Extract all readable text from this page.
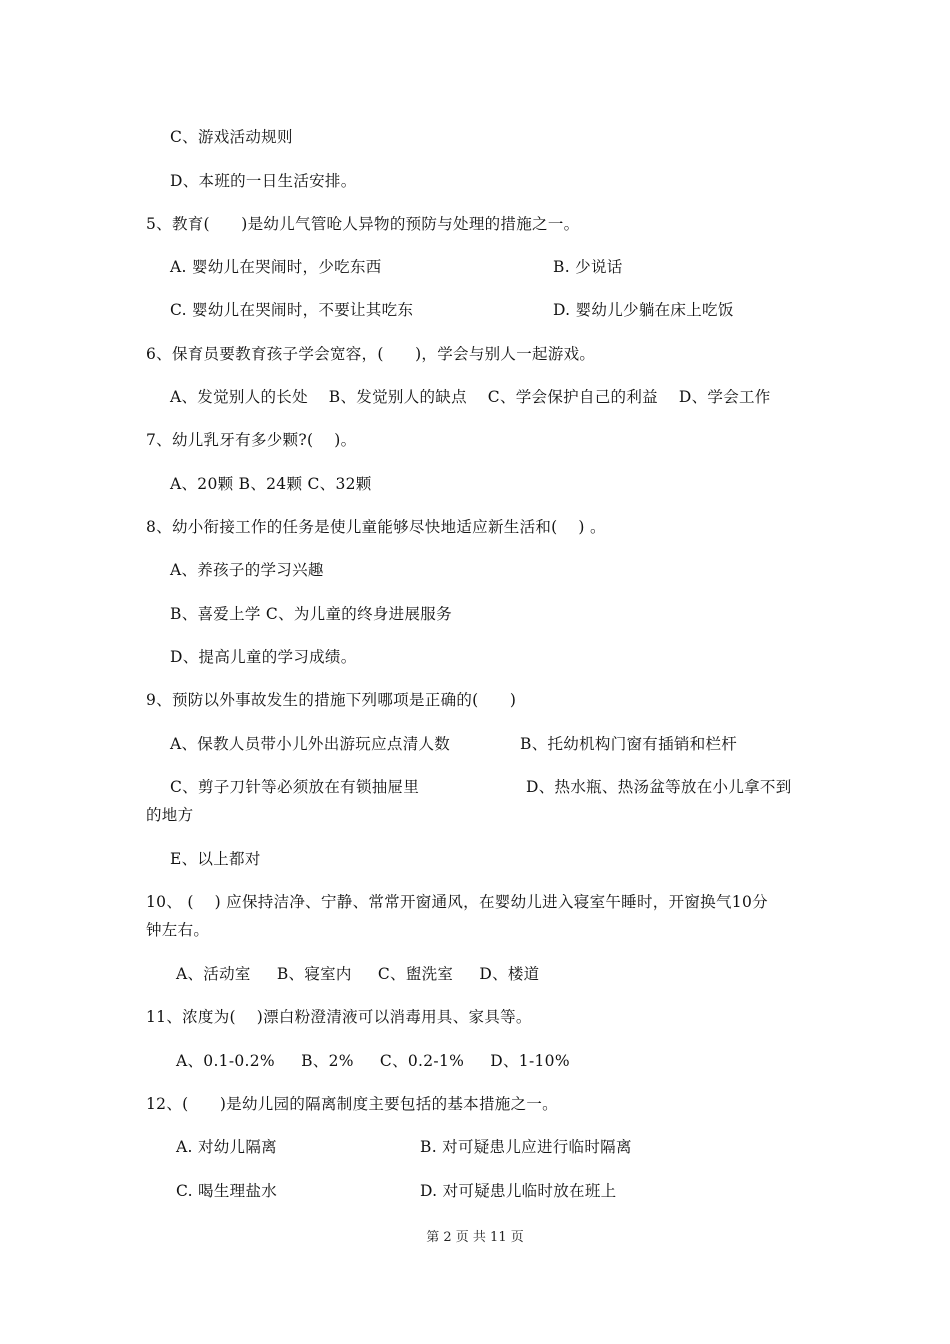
C、游戏活动规则
D、本班的一日生活安排。
5、教育(      )是幼儿气管呛人异物的预防与处理的措施之一。
A. 婴幼儿在哭闹时，少吃东西	B. 少说话
C. 婴幼儿在哭闹时，不要让其吃东	D. 婴幼儿少躺在床上吃饭
6、保育员要教育孩子学会宽容，(      )，学会与别人一起游戏。
A、发觉别人的长处    B、发觉别人的缺点    C、学会保护自己的利益    D、学会工作
7、幼儿乳牙有多少颗?(    )。
A、20颗 B、24颗 C、32颗
8、幼小衔接工作的任务是使儿童能够尽快地适应新生活和(    ) 。
A、养孩子的学习兴趣
B、喜爱上学 C、为儿童的终身进展服务
D、提高儿童的学习成绩。
9、预防以外事故发生的措施下列哪项是正确的(      )
A、保教人员带小儿外出游玩应点清人数	B、托幼机构门窗有插销和栏杆
C、剪子刀针等必须放在有锁抽屉里	D、热水瓶、热汤盆等放在小儿拿不到
的地方
E、以上都对
10、 (    ) 应保持洁净、宁静、常常开窗通风，在婴幼儿进入寝室午睡时，开窗换气10分
钟左右。
A、活动室     B、寝室内     C、盥洗室     D、楼道
11、浓度为(    )漂白粉澄清液可以消毒用具、家具等。
A、0.1-0.2%     B、2%     C、0.2-1%     D、1-10%
12、(      )是幼儿园的隔离制度主要包括的基本措施之一。
A. 对幼儿隔离	B. 对可疑患儿应进行临时隔离
C. 喝生理盐水	D. 对可疑患儿临时放在班上
第 2 页 共 11 页
